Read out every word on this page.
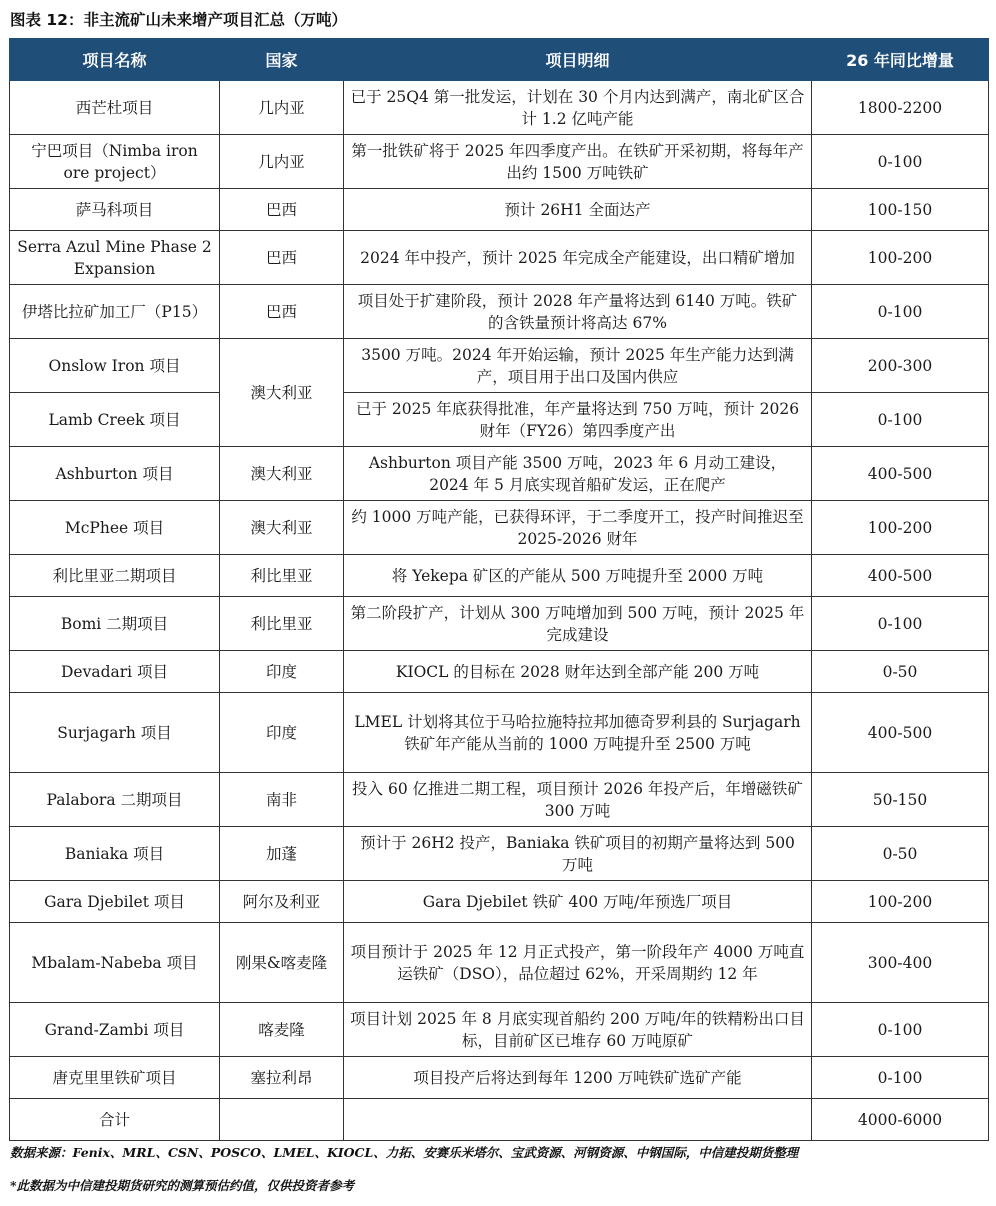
图表 12：非主流矿山未来增产项目汇总（万吨）
项目名称	国家	项目明细	26 年同比增量
西芒杜项目	几内亚	已于 25Q4 第一批发运，计划在 30 个月内达到满产，南北矿区合计 1.2 亿吨产能	1800-2200
宁巴项目（Nimba iron ore project）	几内亚	第一批铁矿将于 2025 年四季度产出。在铁矿开采初期，将每年产出约 1500 万吨铁矿	0-100
萨马科项目	巴西	预计 26H1 全面达产	100-150
Serra Azul Mine Phase 2 Expansion	巴西	2024 年中投产，预计 2025 年完成全产能建设，出口精矿增加	100-200
伊塔比拉矿加工厂（P15）	巴西	项目处于扩建阶段，预计 2028 年产量将达到 6140 万吨。铁矿的含铁量预计将高达 67%	0-100
Onslow Iron 项目	澳大利亚	3500 万吨。2024 年开始运输，预计 2025 年生产能力达到满产，项目用于出口及国内供应	200-300
Lamb Creek 项目		已于 2025 年底获得批准，年产量将达到 750 万吨，预计 2026 财年（FY26）第四季度产出	0-100
Ashburton 项目	澳大利亚	Ashburton 项目产能 3500 万吨，2023 年 6 月动工建设，2024 年 5 月底实现首船矿发运，正在爬产	400-500
McPhee 项目	澳大利亚	约 1000 万吨产能，已获得环评，于二季度开工，投产时间推迟至 2025-2026 财年	100-200
利比里亚二期项目	利比里亚	将 Yekepa 矿区的产能从 500 万吨提升至 2000 万吨	400-500
Bomi 二期项目	利比里亚	第二阶段扩产，计划从 300 万吨增加到 500 万吨，预计 2025 年完成建设	0-100
Devadari 项目	印度	KIOCL 的目标在 2028 财年达到全部产能 200 万吨	0-50
Surjagarh 项目	印度	LMEL 计划将其位于马哈拉施特拉邦加德奇罗利县的 Surjagarh 铁矿年产能从当前的 1000 万吨提升至 2500 万吨	400-500
Palabora 二期项目	南非	投入 60 亿推进二期工程，项目预计 2026 年投产后，年增磁铁矿 300 万吨	50-150
Baniaka 项目	加蓬	预计于 26H2 投产，Baniaka 铁矿项目的初期产量将达到 500 万吨	0-50
Gara Djebilet 项目	阿尔及利亚	Gara Djebilet 铁矿 400 万吨/年预选厂项目	100-200
Mbalam-Nabeba 项目	刚果&喀麦隆	项目预计于 2025 年 12 月正式投产，第一阶段年产 4000 万吨直运铁矿（DSO），品位超过 62%，开采周期约 12 年	300-400
Grand-Zambi 项目	喀麦隆	项目计划 2025 年 8 月底实现首船约 200 万吨/年的铁精粉出口目标，目前矿区已堆存 60 万吨原矿	0-100
唐克里里铁矿项目	塞拉利昂	项目投产后将达到每年 1200 万吨铁矿选矿产能	0-100
合计			4000-6000
数据来源：Fenix、MRL、CSN、POSCO、LMEL、KIOCL、力拓、安赛乐米塔尔、宝武资源、河钢资源、中钢国际，中信建投期货整理
*此数据为中信建投期货研究的测算预估约值，仅供投资者参考
